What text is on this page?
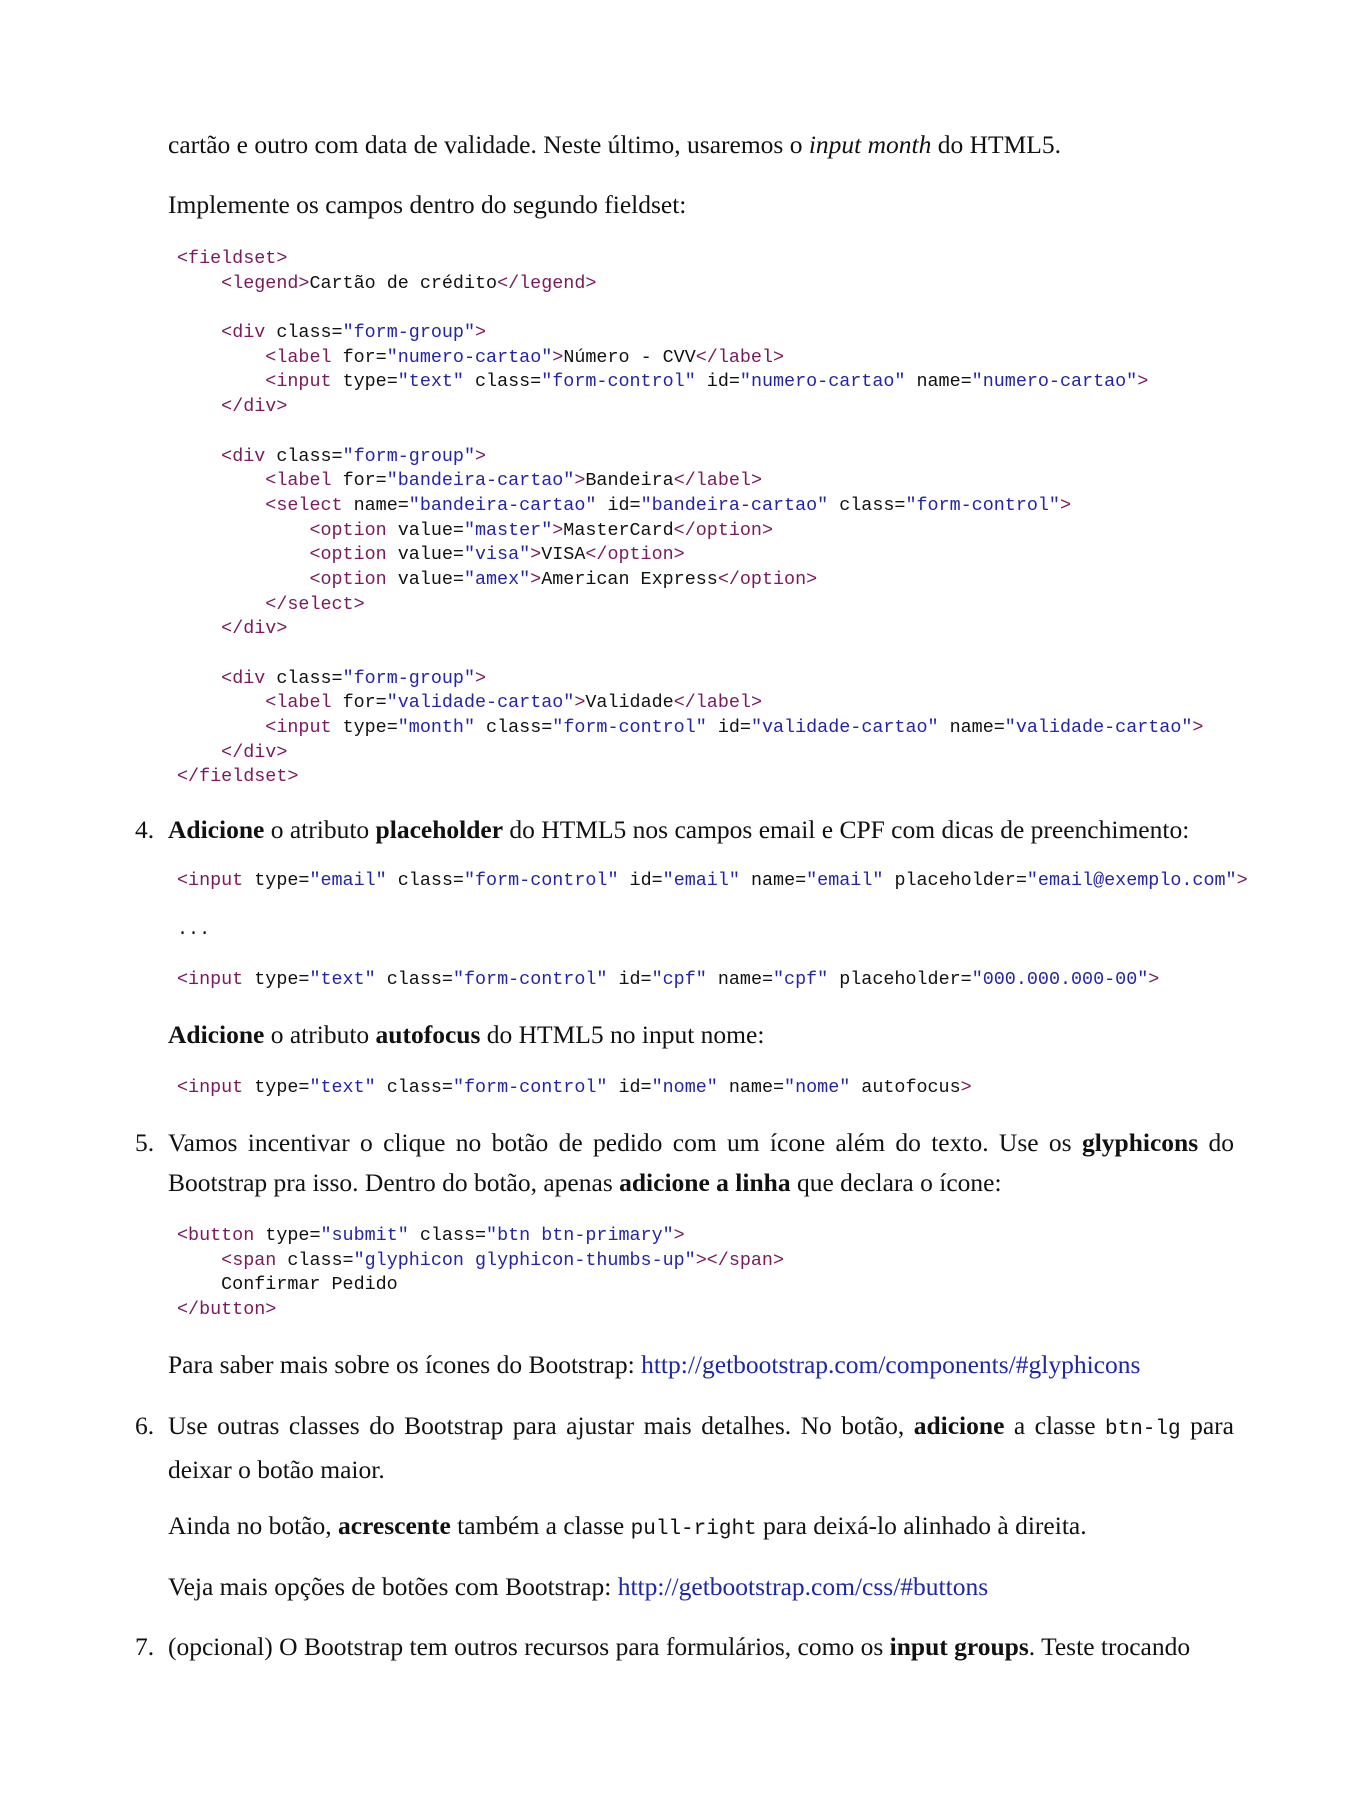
cartão e outro com data de validade. Neste último, usaremos o input month do HTML5.
Implemente os campos dentro do segundo fieldset:
<fieldset>
<legend>Cartão de crédito</legend>
<div class="form-group">
<label for="numero-cartao">Número - CVV</label>
<input type="text" class="form-control" id="numero-cartao" name="numero-cartao">
</div>
<div class="form-group">
<label for="bandeira-cartao">Bandeira</label>
<select name="bandeira-cartao" id="bandeira-cartao" class="form-control">
<option value="master">MasterCard</option>
<option value="visa">VISA</option>
<option value="amex">American Express</option>
</select>
</div>
<div class="form-group">
<label for="validade-cartao">Validade</label>
<input type="month" class="form-control" id="validade-cartao" name="validade-cartao">
</div>
</fieldset>
4. Adicione o atributo placeholder do HTML5 nos campos email e CPF com dicas de preenchimento:
<input type="email" class="form-control" id="email" name="email" placeholder="email@exemplo.com">
...
<input type="text" class="form-control" id="cpf" name="cpf" placeholder="000.000.000-00">
Adicione o atributo autofocus do HTML5 no input nome:
<input type="text" class="form-control" id="nome" name="nome" autofocus>
5. Vamos incentivar o clique no botão de pedido com um ícone além do texto. Use os glyphicons do Bootstrap pra isso. Dentro do botão, apenas adicione a linha que declara o ícone:
<button type="submit" class="btn btn-primary">
<span class="glyphicon glyphicon-thumbs-up"></span>
Confirmar Pedido
</button>
Para saber mais sobre os ícones do Bootstrap: http://getbootstrap.com/components/#glyphicons
6. Use outras classes do Bootstrap para ajustar mais detalhes. No botão, adicione a classe btn-lg para deixar o botão maior.
Ainda no botão, acrescente também a classe pull-right para deixá-lo alinhado à direita.
Veja mais opções de botões com Bootstrap: http://getbootstrap.com/css/#buttons
7. (opcional) O Bootstrap tem outros recursos para formulários, como os input groups. Teste trocando
